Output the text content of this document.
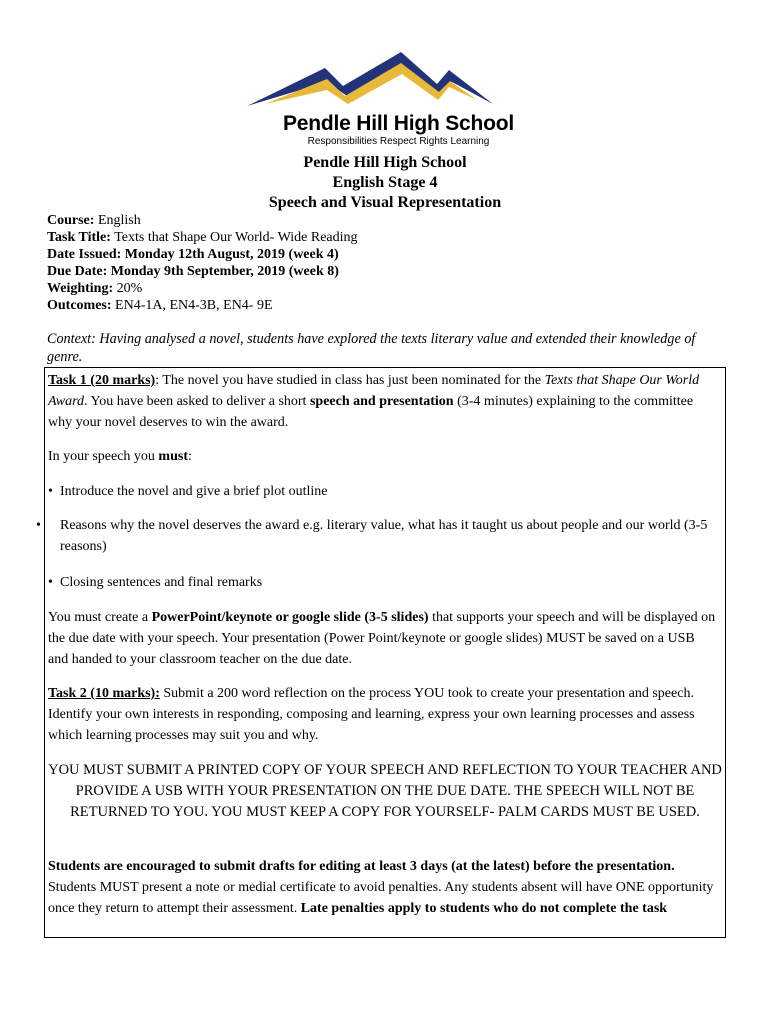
Pendle Hill High School
Responsibilities Respect Rights Learning
Pendle Hill High School
English Stage 4
Speech and Visual Representation
Course: English
Task Title: Texts that Shape Our World- Wide Reading
Date Issued: Monday 12th August, 2019 (week 4)
Due Date: Monday 9th September, 2019 (week 8)
Weighting: 20%
Outcomes: EN4-1A, EN4-3B, EN4- 9E
Context: Having analysed a novel, students have explored the texts literary value and extended their knowledge of genre.
Task 1 (20 marks): The novel you have studied in class has just been nominated for the Texts that Shape Our World Award. You have been asked to deliver a short speech and presentation (3-4 minutes) explaining to the committee why your novel deserves to win the award.
In your speech you must:
• Introduce the novel and give a brief plot outline
• Reasons why the novel deserves the award e.g. literary value, what has it taught us about people and our world (3-5 reasons)
• Closing sentences and final remarks
You must create a PowerPoint/keynote or google slide (3-5 slides) that supports your speech and will be displayed on the due date with your speech. Your presentation (Power Point/keynote or google slides) MUST be saved on a USB and handed to your classroom teacher on the due date.
Task 2 (10 marks): Submit a 200 word reflection on the process YOU took to create your presentation and speech. Identify your own interests in responding, composing and learning, express your own learning processes and assess which learning processes may suit you and why.
YOU MUST SUBMIT A PRINTED COPY OF YOUR SPEECH AND REFLECTION TO YOUR TEACHER AND PROVIDE A USB WITH YOUR PRESENTATION ON THE DUE DATE. THE SPEECH WILL NOT BE RETURNED TO YOU. YOU MUST KEEP A COPY FOR YOURSELF- PALM CARDS MUST BE USED.
Students are encouraged to submit drafts for editing at least 3 days (at the latest) before the presentation. Students MUST present a note or medial certificate to avoid penalties. Any students absent will have ONE opportunity once they return to attempt their assessment. Late penalties apply to students who do not complete the task
